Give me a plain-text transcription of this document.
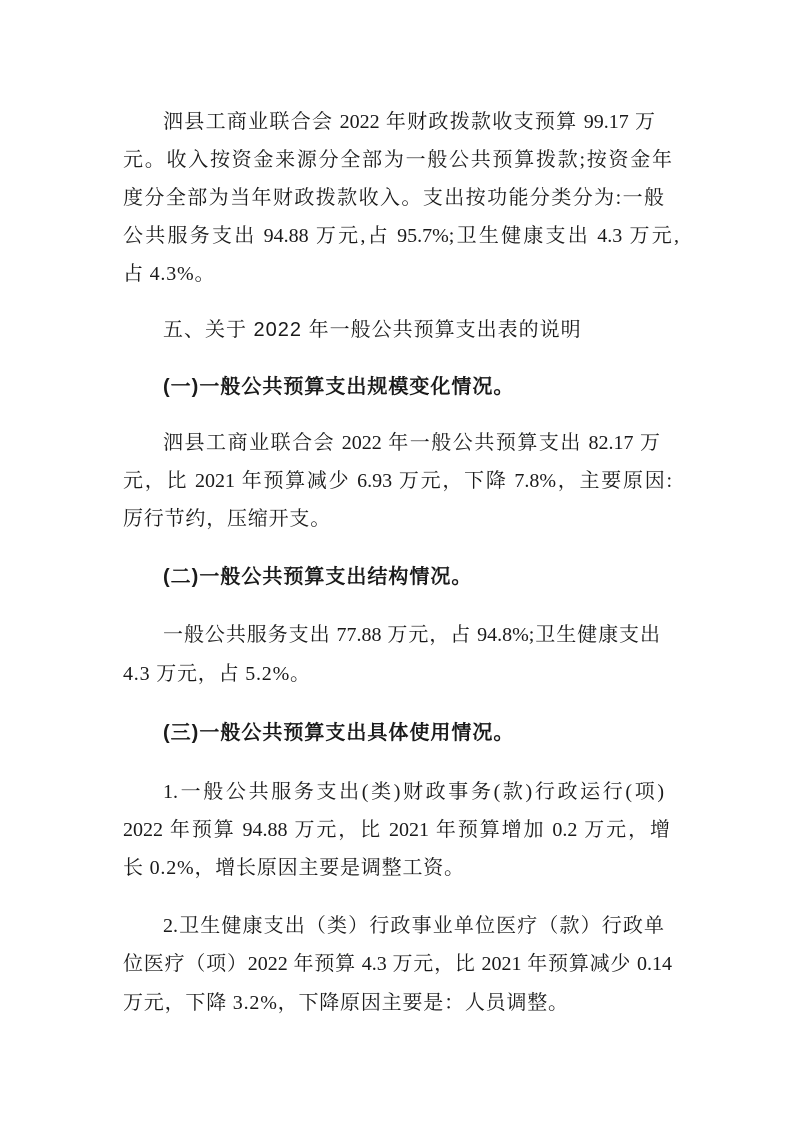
泗县工商业联合会 2022 年财政拨款收支预算 99.17 万
元。收入按资金来源分全部为一般公共预算拨款;按资金年
度分全部为当年财政拨款收入。支出按功能分类分为:一般
公共服务支出 94.88 万元,占 95.7%;卫生健康支出 4.3 万元,
占 4.3%。
五、关于 2022 年一般公共预算支出表的说明
(一)一般公共预算支出规模变化情况。
泗县工商业联合会 2022 年一般公共预算支出 82.17 万
元，比 2021 年预算减少 6.93 万元，下降 7.8%，主要原因:
厉行节约，压缩开支。
(二)一般公共预算支出结构情况。
一般公共服务支出 77.88 万元，占 94.8%;卫生健康支出
4.3 万元，占 5.2%。
(三)一般公共预算支出具体使用情况。
1.一般公共服务支出(类)财政事务(款)行政运行(项)
2022 年预算 94.88 万元，比 2021 年预算增加 0.2 万元，增
长 0.2%，增长原因主要是调整工资。
2.卫生健康支出（类）行政事业单位医疗（款）行政单
位医疗（项）2022 年预算 4.3 万元，比 2021 年预算减少 0.14
万元，下降 3.2%，下降原因主要是：人员调整。
